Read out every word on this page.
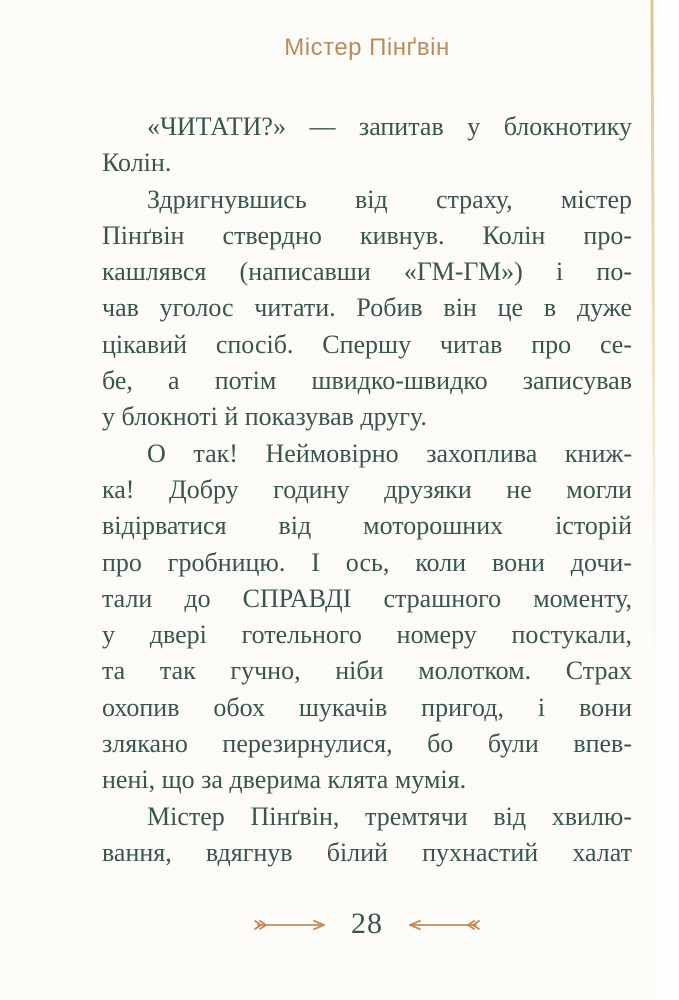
Містер Пінґвін
«ЧИТАТИ?» — запитав у блокнотику
Колін.
Здригнувшись від страху, містер
Пінґвін ствердно кивнув. Колін про-
кашлявся (написавши «ГМ-ГМ») і по-
чав уголос читати. Робив він це в дуже
цікавий спосіб. Спершу читав про се-
бе, а потім швидко-швидко записував
у блокноті й показував другу.
О так! Неймовірно захоплива книж-
ка! Добру годину друзяки не могли
відірватися від моторошних історій
про гробницю. І ось, коли вони дочи-
тали до СПРАВДІ страшного моменту,
у двері готельного номеру постукали,
та так гучно, ніби молотком. Страх
охопив обох шукачів пригод, і вони
злякано перезирнулися, бо були впев-
нені, що за дверима клята мумія.
Містер Пінґвін, тремтячи від хвилю-
вання, вдягнув білий пухнастий халат
28
